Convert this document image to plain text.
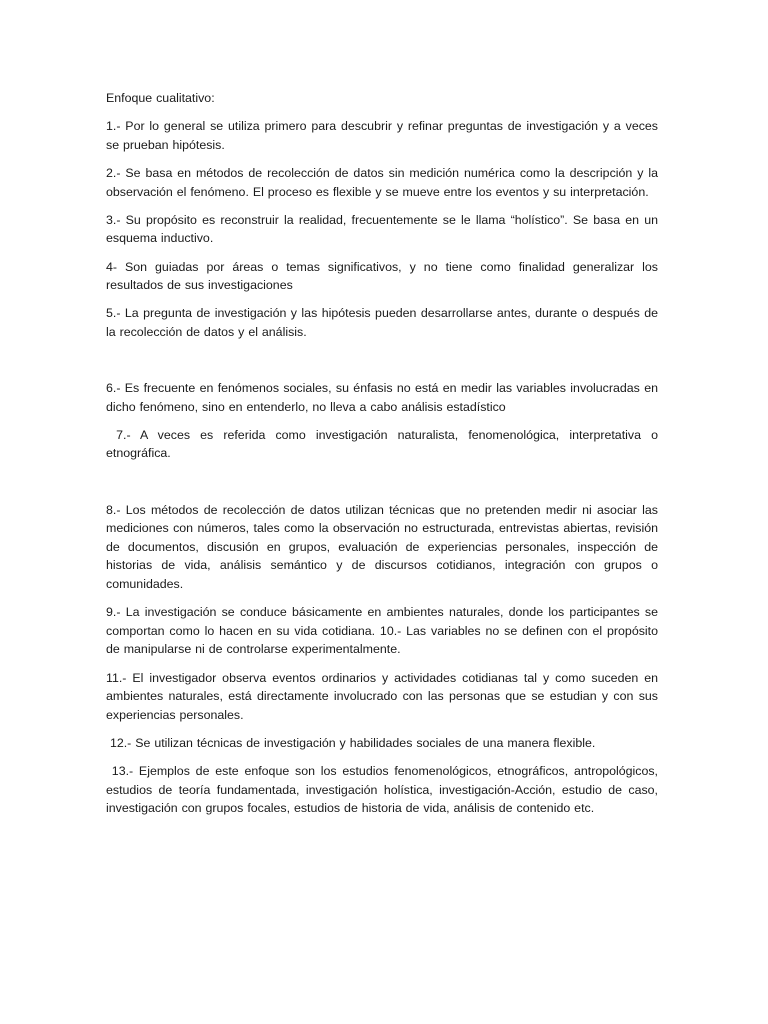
Enfoque cualitativo:

1.- Por lo general se utiliza primero para descubrir y refinar preguntas de investigación y a veces se prueban hipótesis.

2.- Se basa en métodos de recolección de datos sin medición numérica como la descripción y la observación el fenómeno. El proceso es flexible y se mueve entre los eventos y su interpretación.

3.- Su propósito es reconstruir la realidad, frecuentemente se le llama “holístico”. Se basa en un esquema inductivo.

4- Son guiadas por áreas o temas significativos, y no tiene como finalidad generalizar los resultados de sus investigaciones

5.- La pregunta de investigación y las hipótesis pueden desarrollarse antes, durante o después de la recolección de datos y el análisis.

6.- Es frecuente en fenómenos sociales, su énfasis no está en medir las variables involucradas en dicho fenómeno, sino en entenderlo, no lleva a cabo análisis estadístico

7.- A veces es referida como investigación naturalista, fenomenológica, interpretativa o etnográfica.

8.- Los métodos de recolección de datos utilizan técnicas que no pretenden medir ni asociar las mediciones con números, tales como la observación no estructurada, entrevistas abiertas, revisión de documentos, discusión en grupos, evaluación de experiencias personales, inspección de historias de vida, análisis semántico y de discursos cotidianos, integración con grupos o comunidades.

9.- La investigación se conduce básicamente en ambientes naturales, donde los participantes se comportan como lo hacen en su vida cotidiana. 10.- Las variables no se definen con el propósito de manipularse ni de controlarse experimentalmente.

11.- El investigador observa eventos ordinarios y actividades cotidianas tal y como suceden en ambientes naturales, está directamente involucrado con las personas que se estudian y con sus experiencias personales.

12.- Se utilizan técnicas de investigación y habilidades sociales de una manera flexible.

13.- Ejemplos de este enfoque son los estudios fenomenológicos, etnográficos, antropológicos, estudios de teoría fundamentada, investigación holística, investigación-Acción, estudio de caso, investigación con grupos focales, estudios de historia de vida, análisis de contenido etc.
